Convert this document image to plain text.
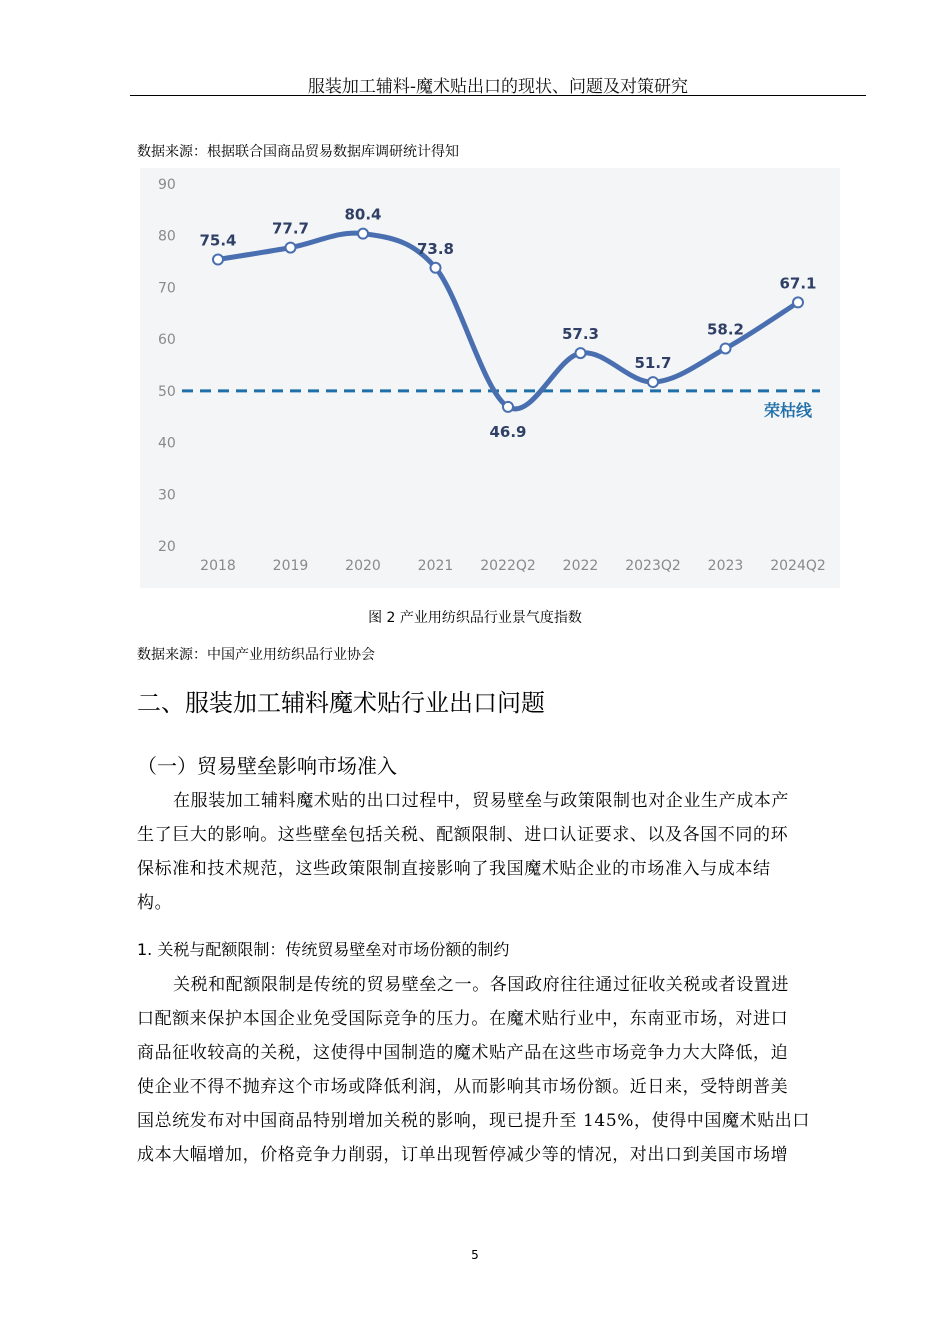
服装加工辅料-魔术贴出口的现状、问题及对策研究
数据来源：根据联合国商品贸易数据库调研统计得知
20
30
40
50
60
70
80
90
2018	2019	2020	2021 2022Q2 2022 2023Q2 2023 2024Q2
荣枯线
75.4
77.7
80.4
73.8
46.9
57.3
51.7
58.2
67.1
图 2 产业用纺织品行业景气度指数
数据来源：中国产业用纺织品行业协会
二、服装加工辅料魔术贴行业出口问题
（一）贸易壁垒影响市场准入
在服装加工辅料魔术贴的出口过程中，贸易壁垒与政策限制也对企业生产成本产
生了巨大的影响。这些壁垒包括关税、配额限制、进口认证要求、以及各国不同的环
保标准和技术规范，这些政策限制直接影响了我国魔术贴企业的市场准入与成本结
构。
1. 关税与配额限制：传统贸易壁垒对市场份额的制约
关税和配额限制是传统的贸易壁垒之一。各国政府往往通过征收关税或者设置进
口配额来保护本国企业免受国际竞争的压力。在魔术贴行业中，东南亚市场，对进口
商品征收较高的关税，这使得中国制造的魔术贴产品在这些市场竞争力大大降低，迫
使企业不得不抛弃这个市场或降低利润，从而影响其市场份额。近日来，受特朗普美
国总统发布对中国商品特别增加关税的影响，现已提升至 145%，使得中国魔术贴出口
成本大幅增加，价格竞争力削弱，订单出现暂停减少等的情况，对出口到美国市场增
5
